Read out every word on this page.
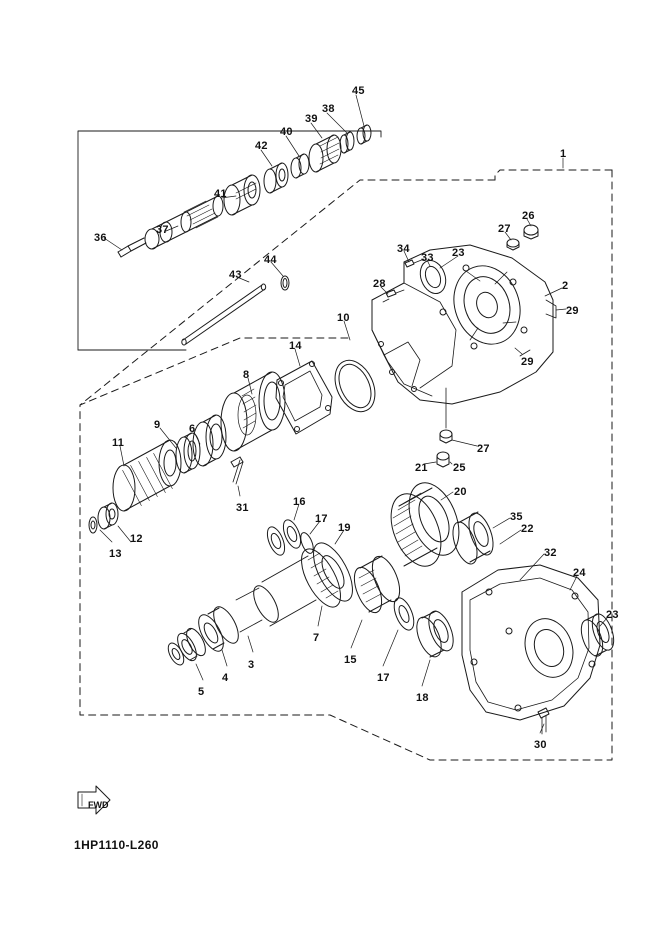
45
38
39
40
42
41
37
36
1
26
27
34
33 23
2
28
29
29
43
44
10
14
8
6
9
11
31
12
13
27
25
21
20
35
22
32
24
16
17
19
7
15
17
18
23
30
3
4
5
FWD
1HP1110-L260
